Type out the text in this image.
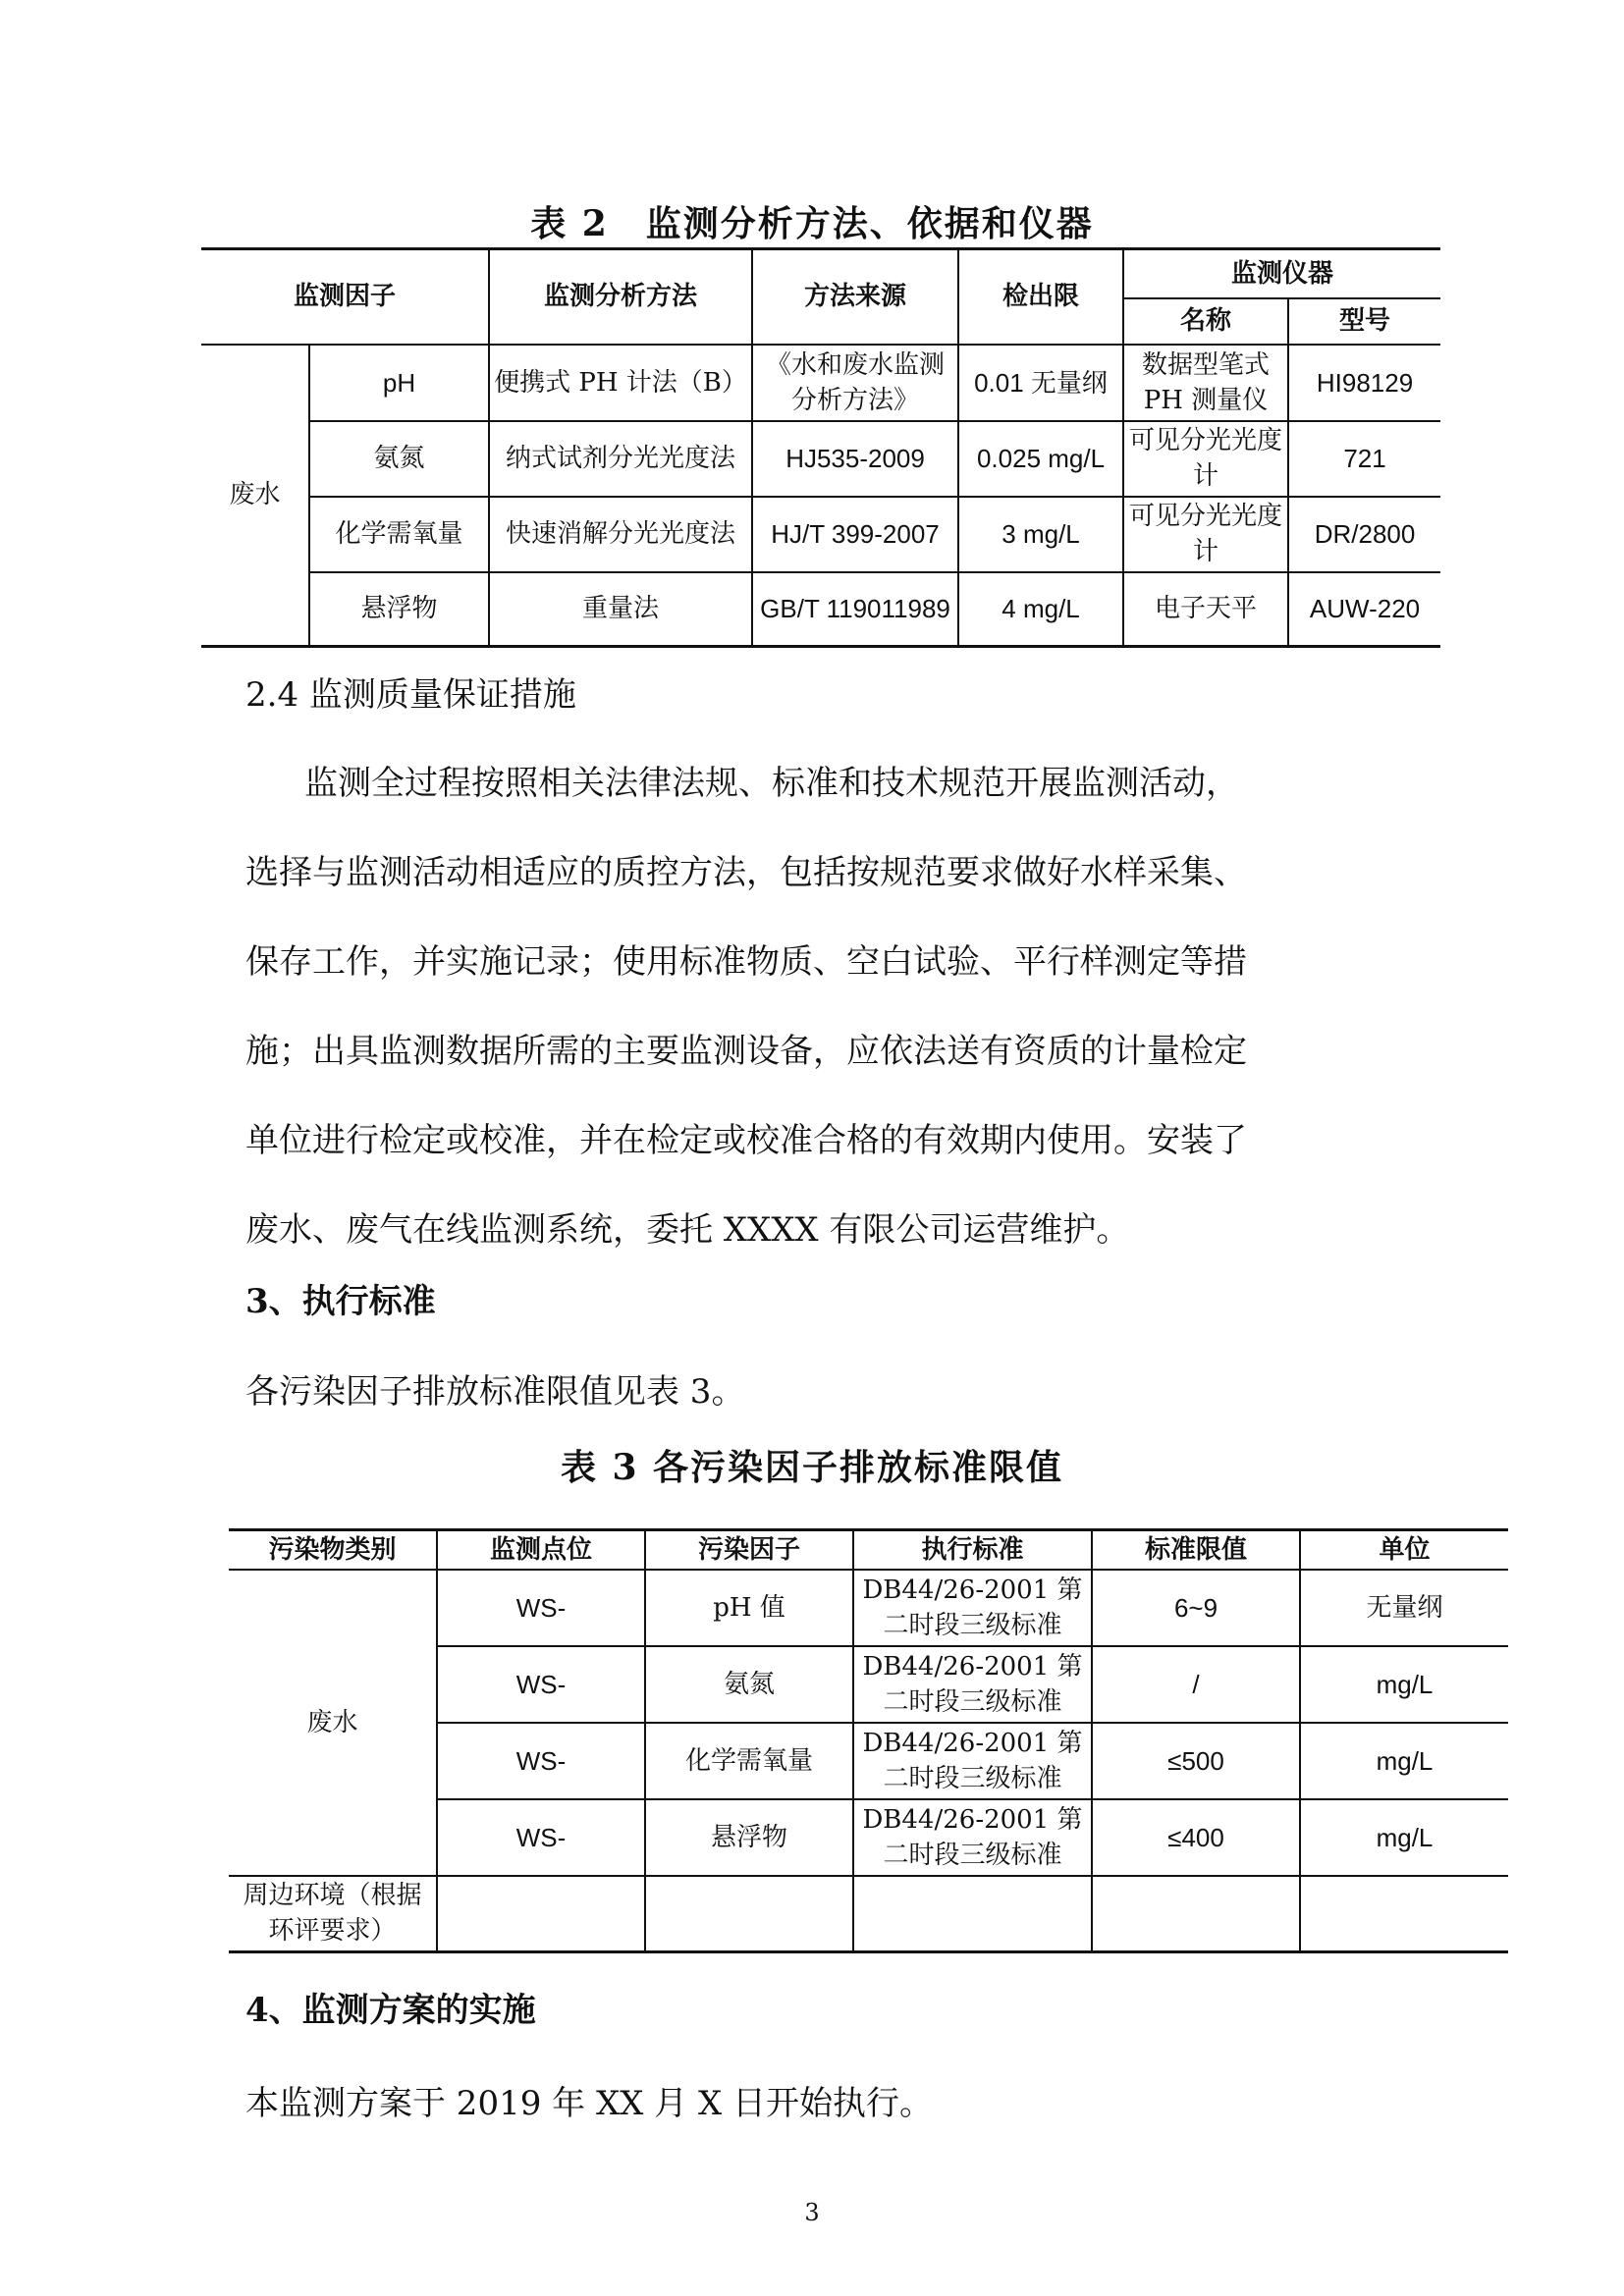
表 2　监测分析方法、依据和仪器
监测因子		监测分析方法	方法来源	检出限	监测仪器	
					名称	型号
废水	pH	便携式 PH 计法（B）	《水和废水监测分析方法》	0.01 无量纲	数据型笔式 PH 测量仪	HI98129
	氨氮	纳式试剂分光光度法	HJ535-2009	0.025 mg/L	可见分光光度计	721
	化学需氧量	快速消解分光光度法	HJ/T 399-2007	3 mg/L	可见分光光度计	DR/2800
	悬浮物	重量法	GB/T 119011989	4 mg/L	电子天平	AUW-220
2.4 监测质量保证措施

监测全过程按照相关法律法规、标准和技术规范开展监测活动，

选择与监测活动相适应的质控方法，包括按规范要求做好水样采集、

保存工作，并实施记录；使用标准物质、空白试验、平行样测定等措

施；出具监测数据所需的主要监测设备，应依法送有资质的计量检定

单位进行检定或校准，并在检定或校准合格的有效期内使用。安装了

废水、废气在线监测系统，委托 XXXX 有限公司运营维护。

3、执行标准
各污染因子排放标准限值见表 3。
表 3 各污染因子排放标准限值
污染物类别	监测点位	污染因子	执行标准	标准限值	单位
废水	WS-	pH 值	DB44/26-2001 第二时段三级标准	6~9	无量纲
	WS-	氨氮	DB44/26-2001 第二时段三级标准	/	mg/L
	WS-	化学需氧量	DB44/26-2001 第二时段三级标准	≤500	mg/L
	WS-	悬浮物	DB44/26-2001 第二时段三级标准	≤400	mg/L
周边环境（根据环评要求）					
4、监测方案的实施
本监测方案于 2019 年 XX 月 X 日开始执行。
3
